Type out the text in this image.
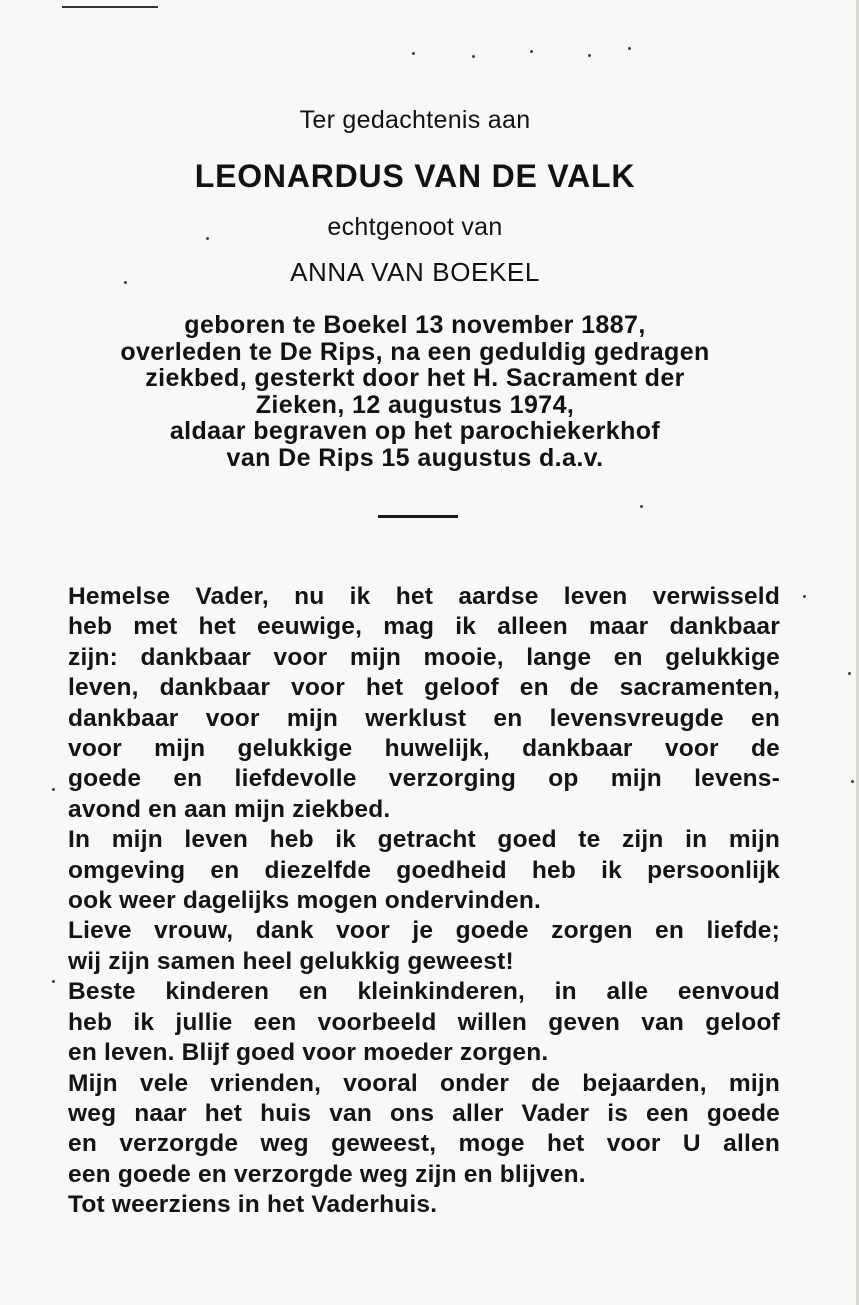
Ter gedachtenis aan
LEONARDUS VAN DE VALK
echtgenoot van
ANNA VAN BOEKEL
geboren te Boekel 13 november 1887,
overleden te De Rips, na een geduldig gedragen
ziekbed, gesterkt door het H. Sacrament der
Zieken, 12 augustus 1974,
aldaar begraven op het parochiekerkhof
van De Rips 15 augustus d.a.v.
Hemelse Vader, nu ik het aardse leven verwisseld
heb met het eeuwige, mag ik alleen maar dankbaar
zijn: dankbaar voor mijn mooie, lange en gelukkige
leven, dankbaar voor het geloof en de sacramenten,
dankbaar voor mijn werklust en levensvreugde en
voor mijn gelukkige huwelijk, dankbaar voor de
goede en liefdevolle verzorging op mijn levens-
avond en aan mijn ziekbed.
In mijn leven heb ik getracht goed te zijn in mijn
omgeving en diezelfde goedheid heb ik persoonlijk
ook weer dagelijks mogen ondervinden.
Lieve vrouw, dank voor je goede zorgen en liefde;
wij zijn samen heel gelukkig geweest!
Beste kinderen en kleinkinderen, in alle eenvoud
heb ik jullie een voorbeeld willen geven van geloof
en leven. Blijf goed voor moeder zorgen.
Mijn vele vrienden, vooral onder de bejaarden, mijn
weg naar het huis van ons aller Vader is een goede
en verzorgde weg geweest, moge het voor U allen
een goede en verzorgde weg zijn en blijven.
Tot weerziens in het Vaderhuis.
